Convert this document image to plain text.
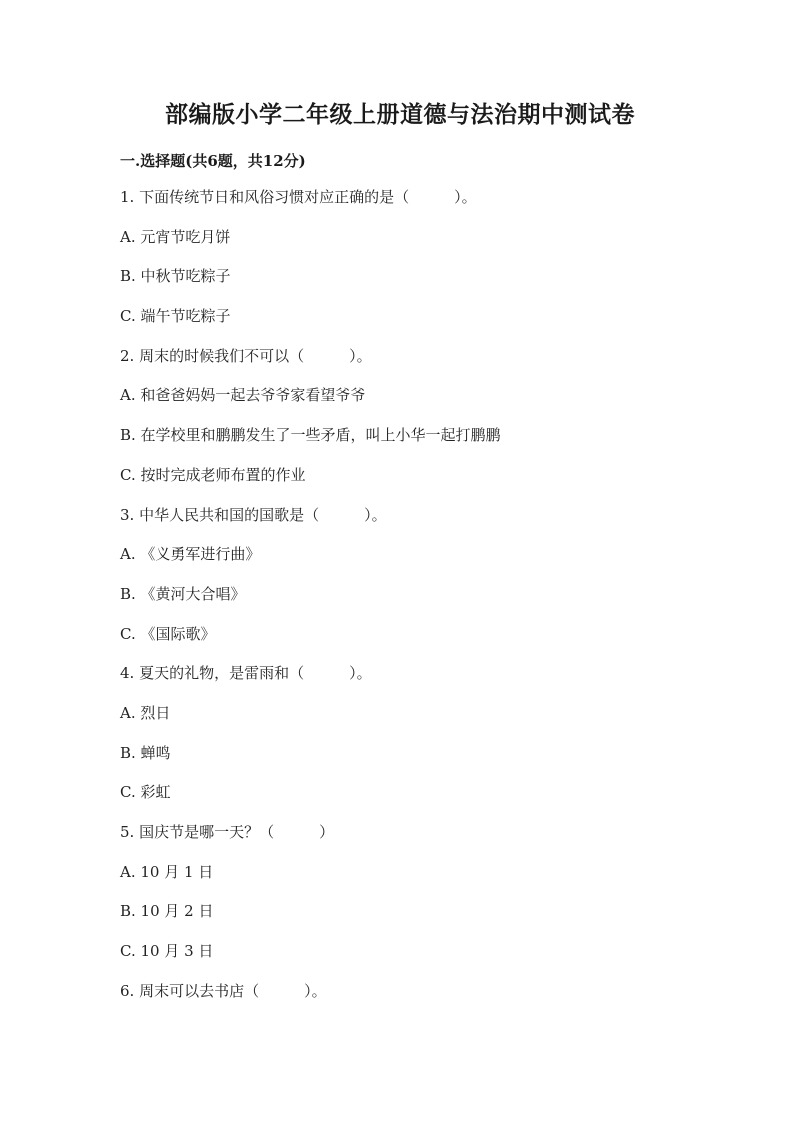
部编版小学二年级上册道德与法治期中测试卷
一.选择题(共6题，共12分)
1. 下面传统节日和风俗习惯对应正确的是（　　　）。
A. 元宵节吃月饼
B. 中秋节吃粽子
C. 端午节吃粽子
2. 周末的时候我们不可以（　　　）。
A. 和爸爸妈妈一起去爷爷家看望爷爷
B. 在学校里和鹏鹏发生了一些矛盾，叫上小华一起打鹏鹏
C. 按时完成老师布置的作业
3. 中华人民共和国的国歌是（　　　）。
A. 《义勇军进行曲》
B. 《黄河大合唱》
C. 《国际歌》
4. 夏天的礼物，是雷雨和（　　　）。
A. 烈日
B. 蝉鸣
C. 彩虹
5. 国庆节是哪一天？（　　　）
A. 10 月 1 日
B. 10 月 2 日
C. 10 月 3 日
6. 周末可以去书店（　　　）。
